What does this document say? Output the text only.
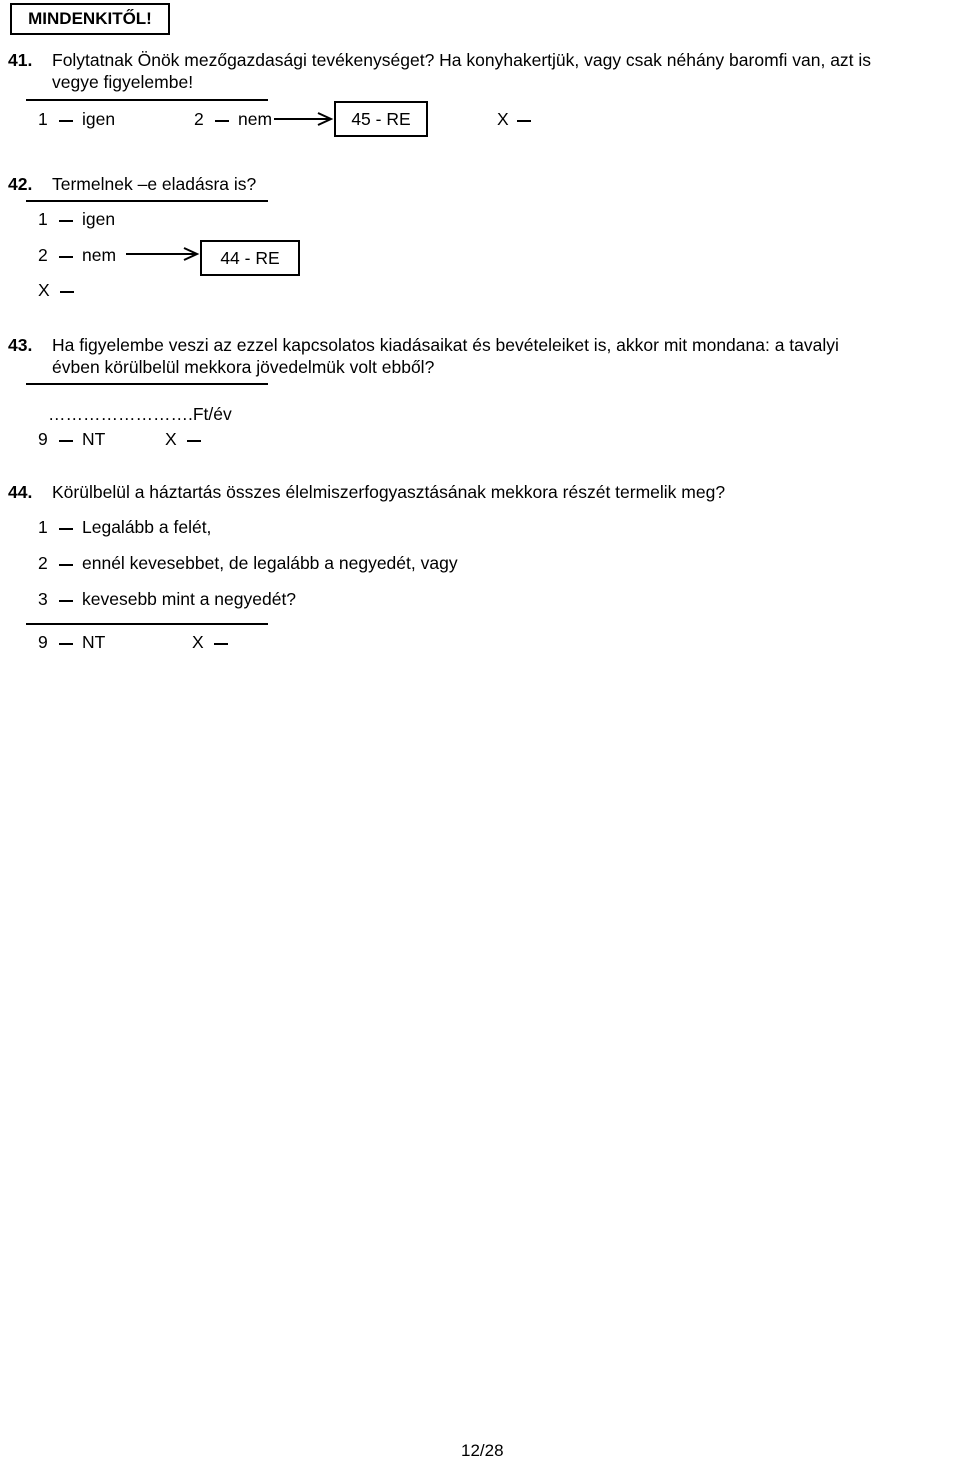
MINDENKITŐL!
41. Folytatnak Önök mezőgazdasági tevékenységet? Ha konyhakertjük, vagy csak néhány baromfi van, azt is
vegye figyelembe!
1 igen	2 nem	45 - RE	X
42. Termelnek –e eladásra is?
1 igen
2 nem	44 - RE
X
43. Ha figyelembe veszi az ezzel kapcsolatos kiadásaikat és bevételeiket is, akkor mit mondana: a tavalyi
évben körülbelül mekkora jövedelmük volt ebből?
…………………….Ft/év
9 NT	X
44. Körülbelül a háztartás összes élelmiszerfogyasztásának mekkora részét termelik meg?
1 Legalább a felét,
2 ennél kevesebbet, de legalább a negyedét, vagy
3 kevesebb mint a negyedét?
9 NT	X
12/28
